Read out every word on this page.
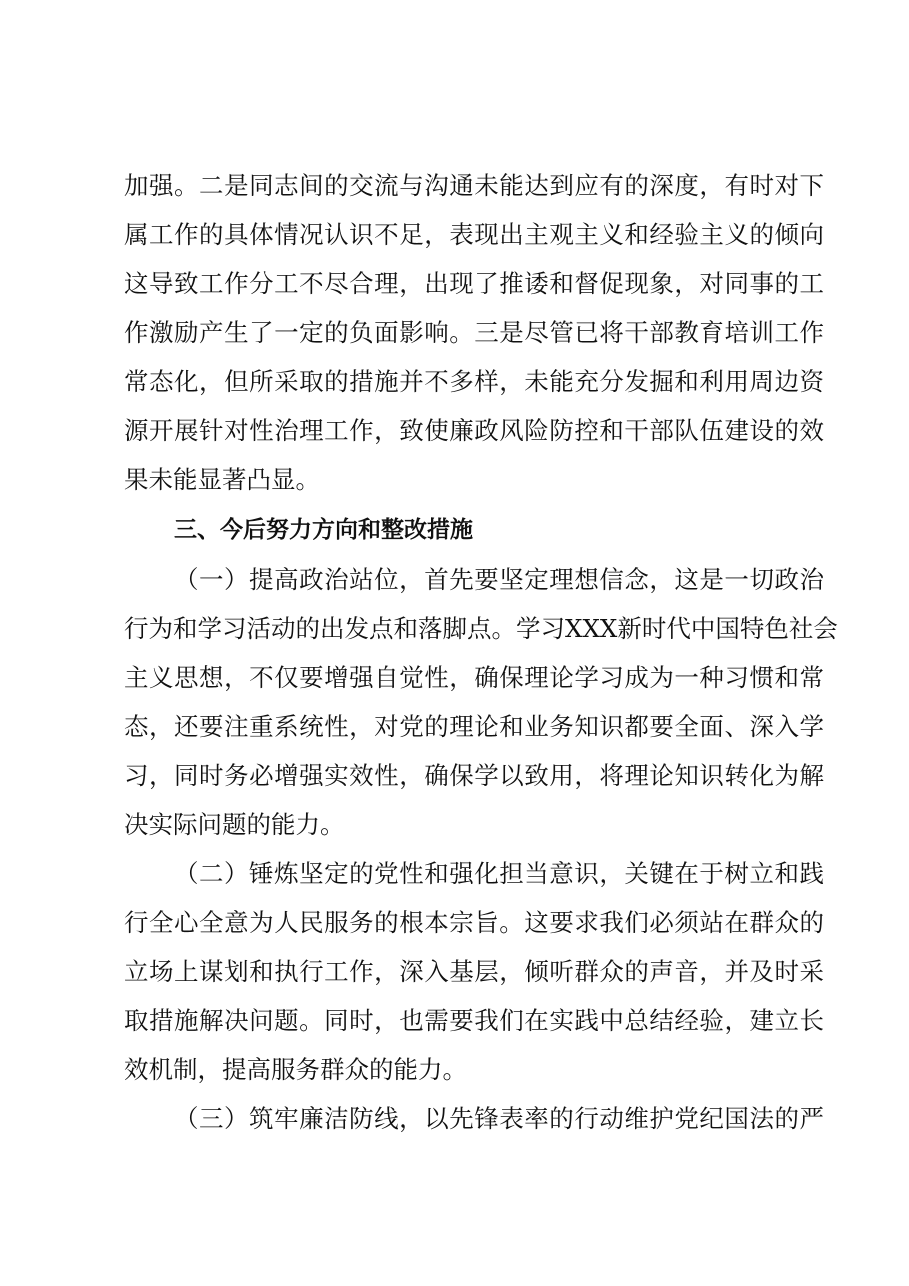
加强。二是同志间的交流与沟通未能达到应有的深度，有时对下
属工作的具体情况认识不足，表现出主观主义和经验主义的倾向
这导致工作分工不尽合理，出现了推诿和督促现象，对同事的工
作激励产生了一定的负面影响。三是尽管已将干部教育培训工作
常态化，但所采取的措施并不多样，未能充分发掘和利用周边资
源开展针对性治理工作，致使廉政风险防控和干部队伍建设的效
果未能显著凸显。
三、今后努力方向和整改措施
（一）提高政治站位，首先要坚定理想信念，这是一切政治
行为和学习活动的出发点和落脚点。学习XXX新时代中国特色社会
主义思想，不仅要增强自觉性，确保理论学习成为一种习惯和常
态，还要注重系统性，对党的理论和业务知识都要全面、深入学
习，同时务必增强实效性，确保学以致用，将理论知识转化为解
决实际问题的能力。
（二）锤炼坚定的党性和强化担当意识，关键在于树立和践
行全心全意为人民服务的根本宗旨。这要求我们必须站在群众的
立场上谋划和执行工作，深入基层，倾听群众的声音，并及时采
取措施解决问题。同时，也需要我们在实践中总结经验，建立长
效机制，提高服务群众的能力。
（三）筑牢廉洁防线，以先锋表率的行动维护党纪国法的严
